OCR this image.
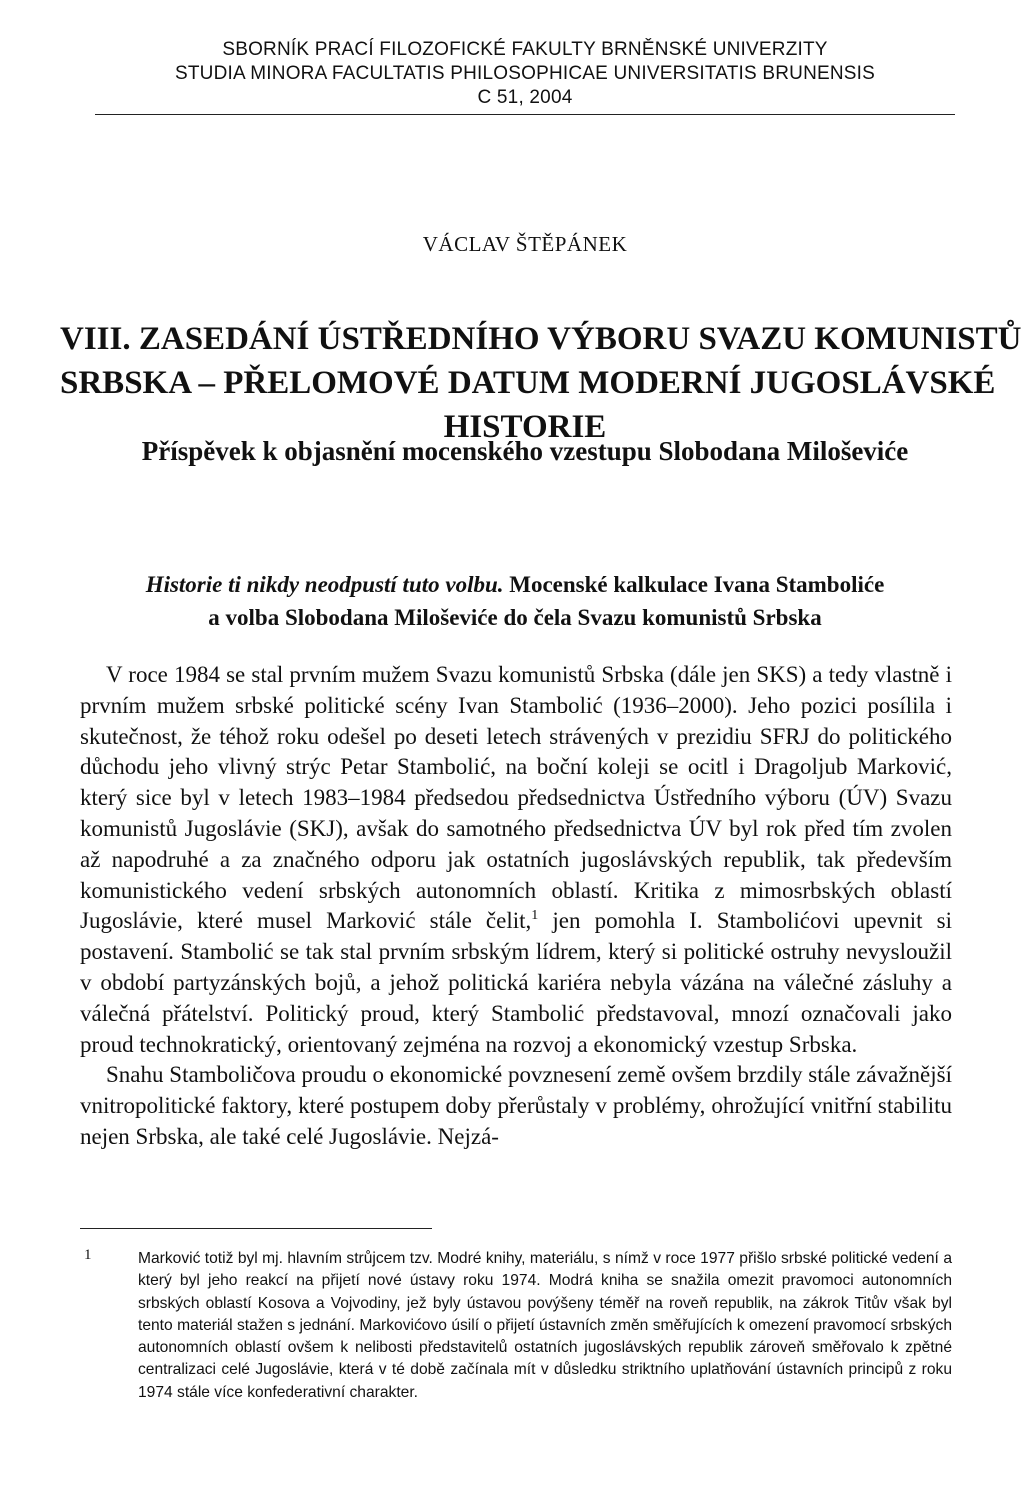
SBORNÍK PRACÍ FILOZOFICKÉ FAKULTY BRNĚNSKÉ UNIVERZITY
STUDIA MINORA FACULTATIS PHILOSOPHICAE UNIVERSITATIS BRUNENSIS
C 51, 2004
VÁCLAV ŠTĚPÁNEK
VIII. ZASEDÁNÍ ÚSTŘEDNÍHO VÝBORU SVAZU KOMUNISTŮ
SRBSKA – PŘELOMOVÉ DATUM MODERNÍ JUGOSLÁVSKÉ
HISTORIE
Příspěvek k objasnění mocenského vzestupu Slobodana Miloševiće
Historie ti nikdy neodpustí tuto volbu. Mocenské kalkulace Ivana Stamboliće
a volba Slobodana Miloševiće do čela Svazu komunistů Srbska

V roce 1984 se stal prvním mužem Svazu komunistů Srbska (dále jen SKS) a tedy vlastně i prvním mužem srbské politické scény Ivan Stambolić (1936–2000). Jeho pozici posílila i skutečnost, že téhož roku odešel po deseti letech strávených v prezidiu SFRJ do politického důchodu jeho vlivný strýc Petar Stambolić, na boční koleji se ocitl i Dragoljub Marković, který sice byl v letech 1983–1984 předsedou předsednictva Ústředního výboru (ÚV) Svazu komunistů Jugoslávie (SKJ), avšak do samotného předsednictva ÚV byl rok před tím zvolen až napodruhé a za značného odporu jak ostatních jugoslávských republik, tak především komunistického vedení srbských autonomních oblastí. Kritika z mimosrbských oblastí Jugoslávie, které musel Marković stále čelit,$^1$ jen pomohla I. Stambolićovi upevnit si postavení. Stambolić se tak stal prvním srbským lídrem, který si politické ostruhy nevysloužil v období partyzánských bojů, a jehož politická kariéra nebyla vázána na válečné zásluhy a válečná přátelství. Politický proud, který Stambolić představoval, mnozí označovali jako proud technokratický, orientovaný zejména na rozvoj a ekonomický vzestup Srbska.

Snahu Stamboličova proudu o ekonomické povznesení země ovšem brzdily stále závažnější vnitropolitické faktory, které postupem doby přerůstaly v problémy, ohrožující vnitřní stabilitu nejen Srbska, ale také celé Jugoslávie. Nejzá-

1	Marković totiž byl mj. hlavním strůjcem tzv. Modré knihy, materiálu, s nímž v roce 1977 přišlo srbské politické vedení a který byl jeho reakcí na přijetí nové ústavy roku 1974. Modrá kniha se snažila omezit pravomoci autonomních srbských oblastí Kosova a Vojvodiny, jež byly ústavou povýšeny téměř na roveň republik, na zákrok Titův však byl tento materiál stažen s jednání. Markovićovo úsilí o přijetí ústavních změn směřujících k omezení pravomocí srbských autonomních oblastí ovšem k nelibosti představitelů ostatních jugoslávských republik zároveň směřovalo k zpětné centralizaci celé Jugoslávie, která v té době začínala mít v důsledku striktního uplatňování ústavních principů z roku 1974 stále více konfederativní charakter.
